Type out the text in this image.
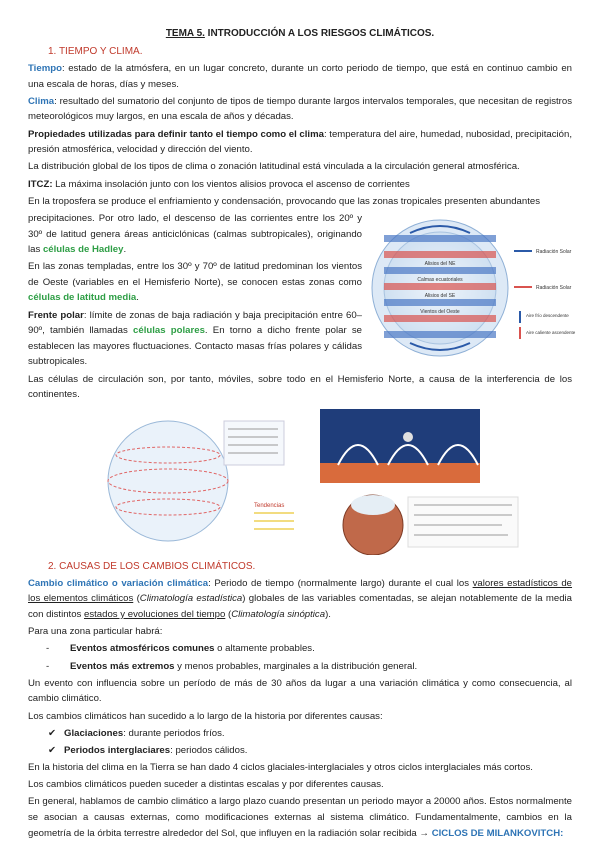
TEMA 5. INTRODUCCIÓN A LOS RIESGOS CLIMÁTICOS.

1. TIEMPO Y CLIMA.

Tiempo: estado de la atmósfera, en un lugar concreto, durante un corto periodo de tiempo, que está en continuo cambio en una escala de horas, días y meses.

Clima: resultado del sumatorio del conjunto de tipos de tiempo durante largos intervalos temporales, que necesitan de registros meteorológicos muy largos, en una escala de años y décadas.

Propiedades utilizadas para definir tanto el tiempo como el clima: temperatura del aire, humedad, nubosidad, precipitación, presión atmosférica, velocidad y dirección del viento.

La distribución global de los tipos de clima o zonación latitudinal está vinculada a la circulación general atmosférica.

ITCZ: La máxima insolación junto con los vientos alisios provoca el ascenso de corrientes

En la troposfera se produce el enfriamiento y condensación, provocando que las zonas tropicales presenten abundantes

Alisios del NE
Calmas ecuatoriales
Alisios del SE
Vientos del Oeste
Radiación Solar
Radiación Solar
Aire frío descendente
Aire caliente ascendente

precipitaciones. Por otro lado, el descenso de las corrientes entre los 20º y 30º de latitud genera áreas anticiclónicas (calmas subtropicales), originando las células de Hadley.

En las zonas templadas, entre los 30º y 70º de latitud predominan los vientos de Oeste (variables en el Hemisferio Norte), se conocen estas zonas como células de latitud media.

Frente polar: límite de zonas de baja radiación y baja precipitación entre 60–90º, también llamadas células polares. En torno a dicho frente polar se establecen las mayores fluctuaciones. Contacto masas frías polares y cálidas subtropicales.

Las células de circulación son, por tanto, móviles, sobre todo en el Hemisferio Norte, a causa de la interferencia de los continentes.

Tendencias

2. CAUSAS DE LOS CAMBIOS CLIMÁTICOS.

Cambio climático o variación climática: Periodo de tiempo (normalmente largo) durante el cual los valores estadísticos de los elementos climáticos (Climatología estadística) globales de las variables comentadas, se alejan notablemente de la media con distintos estados y evoluciones del tiempo (Climatología sinóptica).

Para una zona particular habrá:

- Eventos atmosféricos comunes o altamente probables.

- Eventos más extremos y menos probables, marginales a la distribución general.

Un evento con influencia sobre un período de más de 30 años da lugar a una variación climática y como consecuencia, al cambio climático.

Los cambios climáticos han sucedido a lo largo de la historia por diferentes causas:

✔ Glaciaciones: durante periodos fríos.

✔ Periodos interglaciares: periodos cálidos.

En la historia del clima en la Tierra se han dado 4 ciclos glaciales-interglaciales y otros ciclos interglaciales más cortos.

Los cambios climáticos pueden suceder a distintas escalas y por diferentes causas.

En general, hablamos de cambio climático a largo plazo cuando presentan un periodo mayor a 20000 años. Estos normalmente se asocian a causas externas, como modificaciones externas al sistema climático. Fundamentalmente, cambios en la geometría de la órbita terrestre alrededor del Sol, que influyen en la radiación solar recibida → CICLOS DE MILANKOVITCH:
